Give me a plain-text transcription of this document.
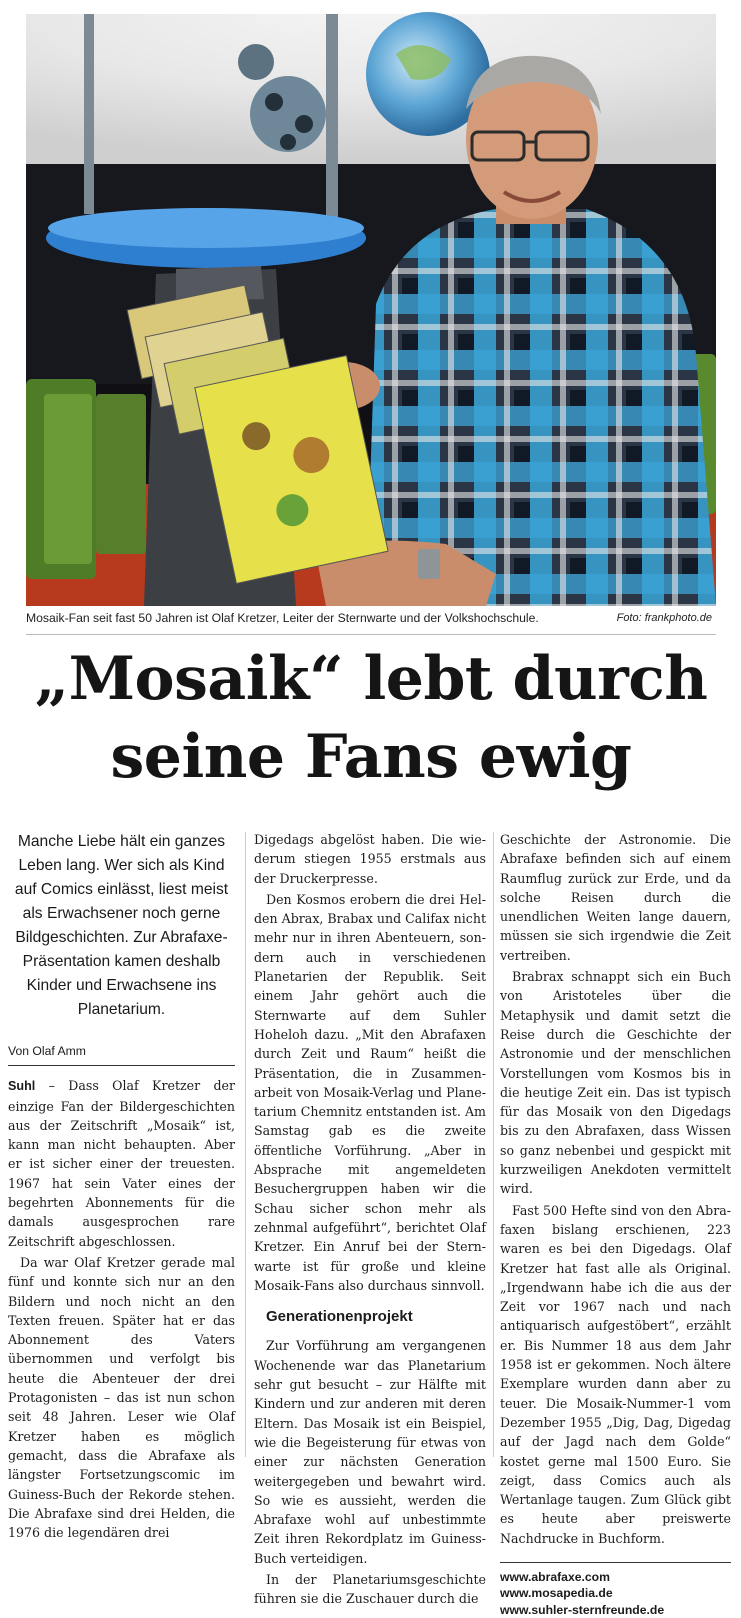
Mosaik-Fan seit fast 50 Jahren ist Olaf Kretzer, Leiter der Sternwarte und der Volkshochschule.	Foto: frankphoto.de
„Mosaik“ lebt durch
seine Fans ewig
Manche Liebe hält ein ganzes Leben lang. Wer sich als Kind auf Comics einlässt, liest meist als Erwachsener noch gerne Bildgeschichten. Zur Abrafaxe-Präsentation kamen deshalb Kinder und Erwachsene ins Planetarium.
Von Olaf Amm

Suhl – Dass Olaf Kretzer der einzige Fan der Bildergeschichten aus der Zeitschrift „Mosaik“ ist, kann man nicht behaupten. Aber er ist sicher einer der treuesten. 1967 hat sein Vater eines der begehrten Abonnements für die damals ausgesprochen rare Zeitschrift abgeschlossen.

Da war Olaf Kretzer gerade mal fünf und konnte sich nur an den Bildern und noch nicht an den Texten freuen. Später hat er das Abonnement des Vaters übernommen und verfolgt bis heute die Abenteuer der drei Protagonisten – das ist nun schon seit 48 Jahren. Leser wie Olaf Kretzer haben es möglich gemacht, dass die Abrafaxe als längster Fortsetzungscomic im Guiness-Buch der Rekorde stehen. Die Abrafaxe sind drei Helden, die 1976 die legendären drei

Digedags abgelöst haben. Die wiederum stiegen 1955 erstmals aus der Druckerpresse.

Den Kosmos erobern die drei Helden Abrax, Brabax und Califax nicht mehr nur in ihren Abenteuern, sondern auch in verschiedenen Planetarien der Republik. Seit einem Jahr gehört auch die Sternwarte auf dem Suhler Hoheloh dazu. „Mit den Abrafaxen durch Zeit und Raum“ heißt die Präsentation, die in Zusammenarbeit von Mosaik-Verlag und Planetarium Chemnitz entstanden ist. Am Samstag gab es die zweite öffentliche Vorführung. „Aber in Absprache mit angemeldeten Besuchergruppen haben wir die Schau sicher schon mehr als zehnmal aufgeführt“, berichtet Olaf Kretzer. Ein Anruf bei der Sternwarte ist für große und kleine Mosaik-Fans also durchaus sinnvoll.

Generationenprojekt

Zur Vorführung am vergangenen Wochenende war das Planetarium sehr gut besucht – zur Hälfte mit Kindern und zur anderen mit deren Eltern. Das Mosaik ist ein Beispiel, wie die Begeisterung für etwas von einer zur nächsten Generation weitergegeben und bewahrt wird. So wie es aussieht, werden die Abrafaxe wohl auf unbestimmte Zeit ihren Rekordplatz im Guiness-Buch verteidigen.

In der Planetariumsgeschichte führen sie die Zuschauer durch die

Geschichte der Astronomie. Die Abrafaxe befinden sich auf einem Raumflug zurück zur Erde, und da solche Reisen durch die unendlichen Weiten lange dauern, müssen sie sich irgendwie die Zeit vertreiben.

Brabrax schnappt sich ein Buch von Aristoteles über die Metaphysik und damit setzt die Reise durch die Geschichte der Astronomie und der menschlichen Vorstellungen vom Kosmos bis in die heutige Zeit ein. Das ist typisch für das Mosaik von den Digedags bis zu den Abrafaxen, dass Wissen so ganz nebenbei und gespickt mit kurzweiligen Anekdoten vermittelt wird.

Fast 500 Hefte sind von den Abrafaxen bislang erschienen, 223 waren es bei den Digedags. Olaf Kretzer hat fast alle als Original. „Irgendwann habe ich die aus der Zeit vor 1967 nach und nach antiquarisch aufgestöbert“, erzählt er. Bis Nummer 18 aus dem Jahr 1958 ist er gekommen. Noch ältere Exemplare wurden dann aber zu teuer. Die Mosaik-Nummer-1 vom Dezember 1955 „Dig, Dag, Digedag auf der Jagd nach dem Golde“ kostet gerne mal 1500 Euro. Sie zeigt, dass Comics auch als Wertanlage taugen. Zum Glück gibt es heute aber preiswerte Nachdrucke in Buchform.

www.abrafaxe.com
www.mosapedia.de
www.suhler-sternfreunde.de
